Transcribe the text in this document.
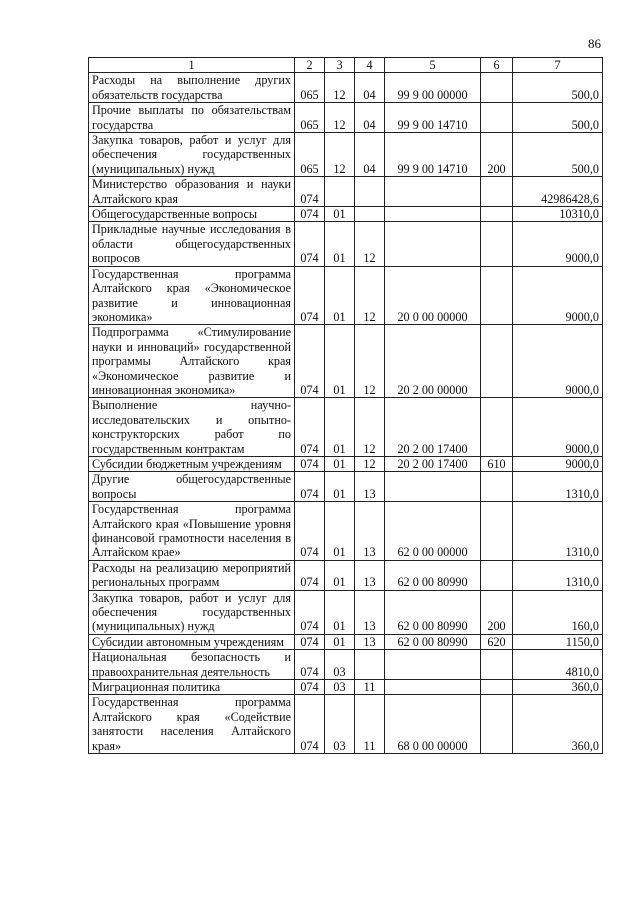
86
1	2	3	4	5	6	7
Расходы на выполнение других обязательств государства	065	12	04	99 9 00 00000		500,0
Прочие выплаты по обязательствам государства	065	12	04	99 9 00 14710		500,0
Закупка товаров, работ и услуг для обеспечения государственных (муниципальных) нужд	065	12	04	99 9 00 14710	200	500,0
Министерство образования и науки Алтайского края	074					42986428,6
Общегосударственные вопросы	074	01				10310,0
Прикладные научные исследования в области общегосударственных вопросов	074	01	12			9000,0
Государственная программа Алтайского края «Экономическое развитие и инновационная экономика»	074	01	12	20 0 00 00000		9000,0
Подпрограмма «Стимулирование науки и инноваций» государственной программы Алтайского края «Экономическое развитие и инновационная экономика»	074	01	12	20 2 00 00000		9000,0
Выполнение научно-исследовательских и опытно-конструкторских работ по государственным контрактам	074	01	12	20 2 00 17400		9000,0
Субсидии бюджетным учреждениям	074	01	12	20 2 00 17400	610	9000,0
Другие общегосударственные вопросы	074	01	13			1310,0
Государственная программа Алтайского края «Повышение уровня финансовой грамотности населения в Алтайском крае»	074	01	13	62 0 00 00000		1310,0
Расходы на реализацию мероприятий региональных программ	074	01	13	62 0 00 80990		1310,0
Закупка товаров, работ и услуг для обеспечения государственных (муниципальных) нужд	074	01	13	62 0 00 80990	200	160,0
Субсидии автономным учреждениям	074	01	13	62 0 00 80990	620	1150,0
Национальная безопасность и правоохранительная деятельность	074	03				4810,0
Миграционная политика	074	03	11			360,0
Государственная программа Алтайского края «Содействие занятости населения Алтайского края»	074	03	11	68 0 00 00000		360,0
